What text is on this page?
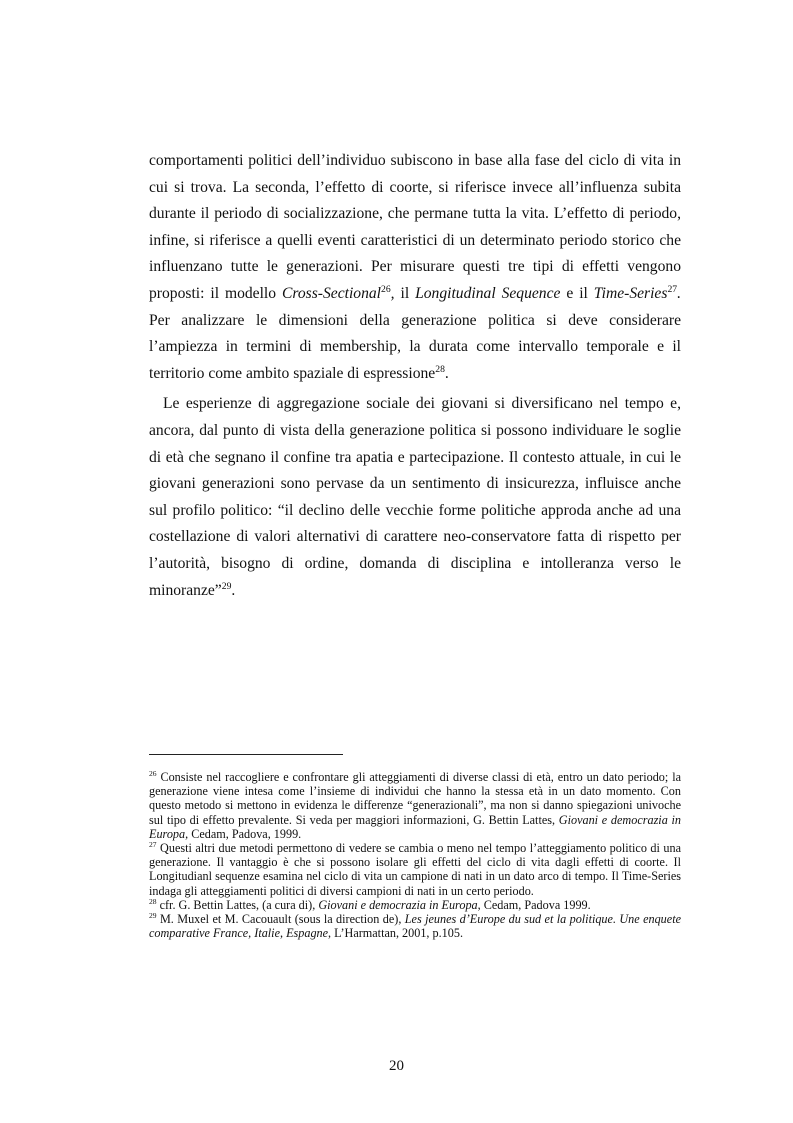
comportamenti politici dell’individuo subiscono in base alla fase del ciclo di vita in cui si trova. La seconda, l’effetto di coorte, si riferisce invece all’influenza subita durante il periodo di socializzazione, che permane tutta la vita. L’effetto di periodo, infine, si riferisce a quelli eventi caratteristici di un determinato periodo storico che influenzano tutte le generazioni. Per misurare questi tre tipi di effetti vengono proposti: il modello Cross-Sectional$^{26}$, il Longitudinal Sequence e il Time-Series$^{27}$. Per analizzare le dimensioni della generazione politica si deve considerare l’ampiezza in termini di membership, la durata come intervallo temporale e il territorio come ambito spaziale di espressione$^{28}$.

Le esperienze di aggregazione sociale dei giovani si diversificano nel tempo e, ancora, dal punto di vista della generazione politica si possono individuare le soglie di età che segnano il confine tra apatia e partecipazione. Il contesto attuale, in cui le giovani generazioni sono pervase da un sentimento di insicurezza, influisce anche sul profilo politico: “il declino delle vecchie forme politiche approda anche ad una costellazione di valori alternativi di carattere neo-conservatore fatta di rispetto per l’autorità, bisogno di ordine, domanda di disciplina e intolleranza verso le minoranze”$^{29}$.

$^{26}$ Consiste nel raccogliere e confrontare gli atteggiamenti di diverse classi di età, entro un dato periodo; la generazione viene intesa come l’insieme di individui che hanno la stessa età in un dato momento. Con questo metodo si mettono in evidenza le differenze “generazionali”, ma non si danno spiegazioni univoche sul tipo di effetto prevalente. Si veda per maggiori informazioni, G. Bettin Lattes, Giovani e democrazia in Europa, Cedam, Padova, 1999.

$^{27}$ Questi altri due metodi permettono di vedere se cambia o meno nel tempo l’atteggiamento politico di una generazione. Il vantaggio è che si possono isolare gli effetti del ciclo di vita dagli effetti di coorte. Il Longitudianl sequenze esamina nel ciclo di vita un campione di nati in un dato arco di tempo. Il Time-Series indaga gli atteggiamenti politici di diversi campioni di nati in un certo periodo.

$^{28}$ cfr. G. Bettin Lattes, (a cura di), Giovani e democrazia in Europa, Cedam, Padova 1999.

$^{29}$ M. Muxel et M. Cacouault (sous la direction de), Les jeunes d’Europe du sud et la politique. Une enquete comparative France, Italie, Espagne, L’Harmattan, 2001, p.105.

20
